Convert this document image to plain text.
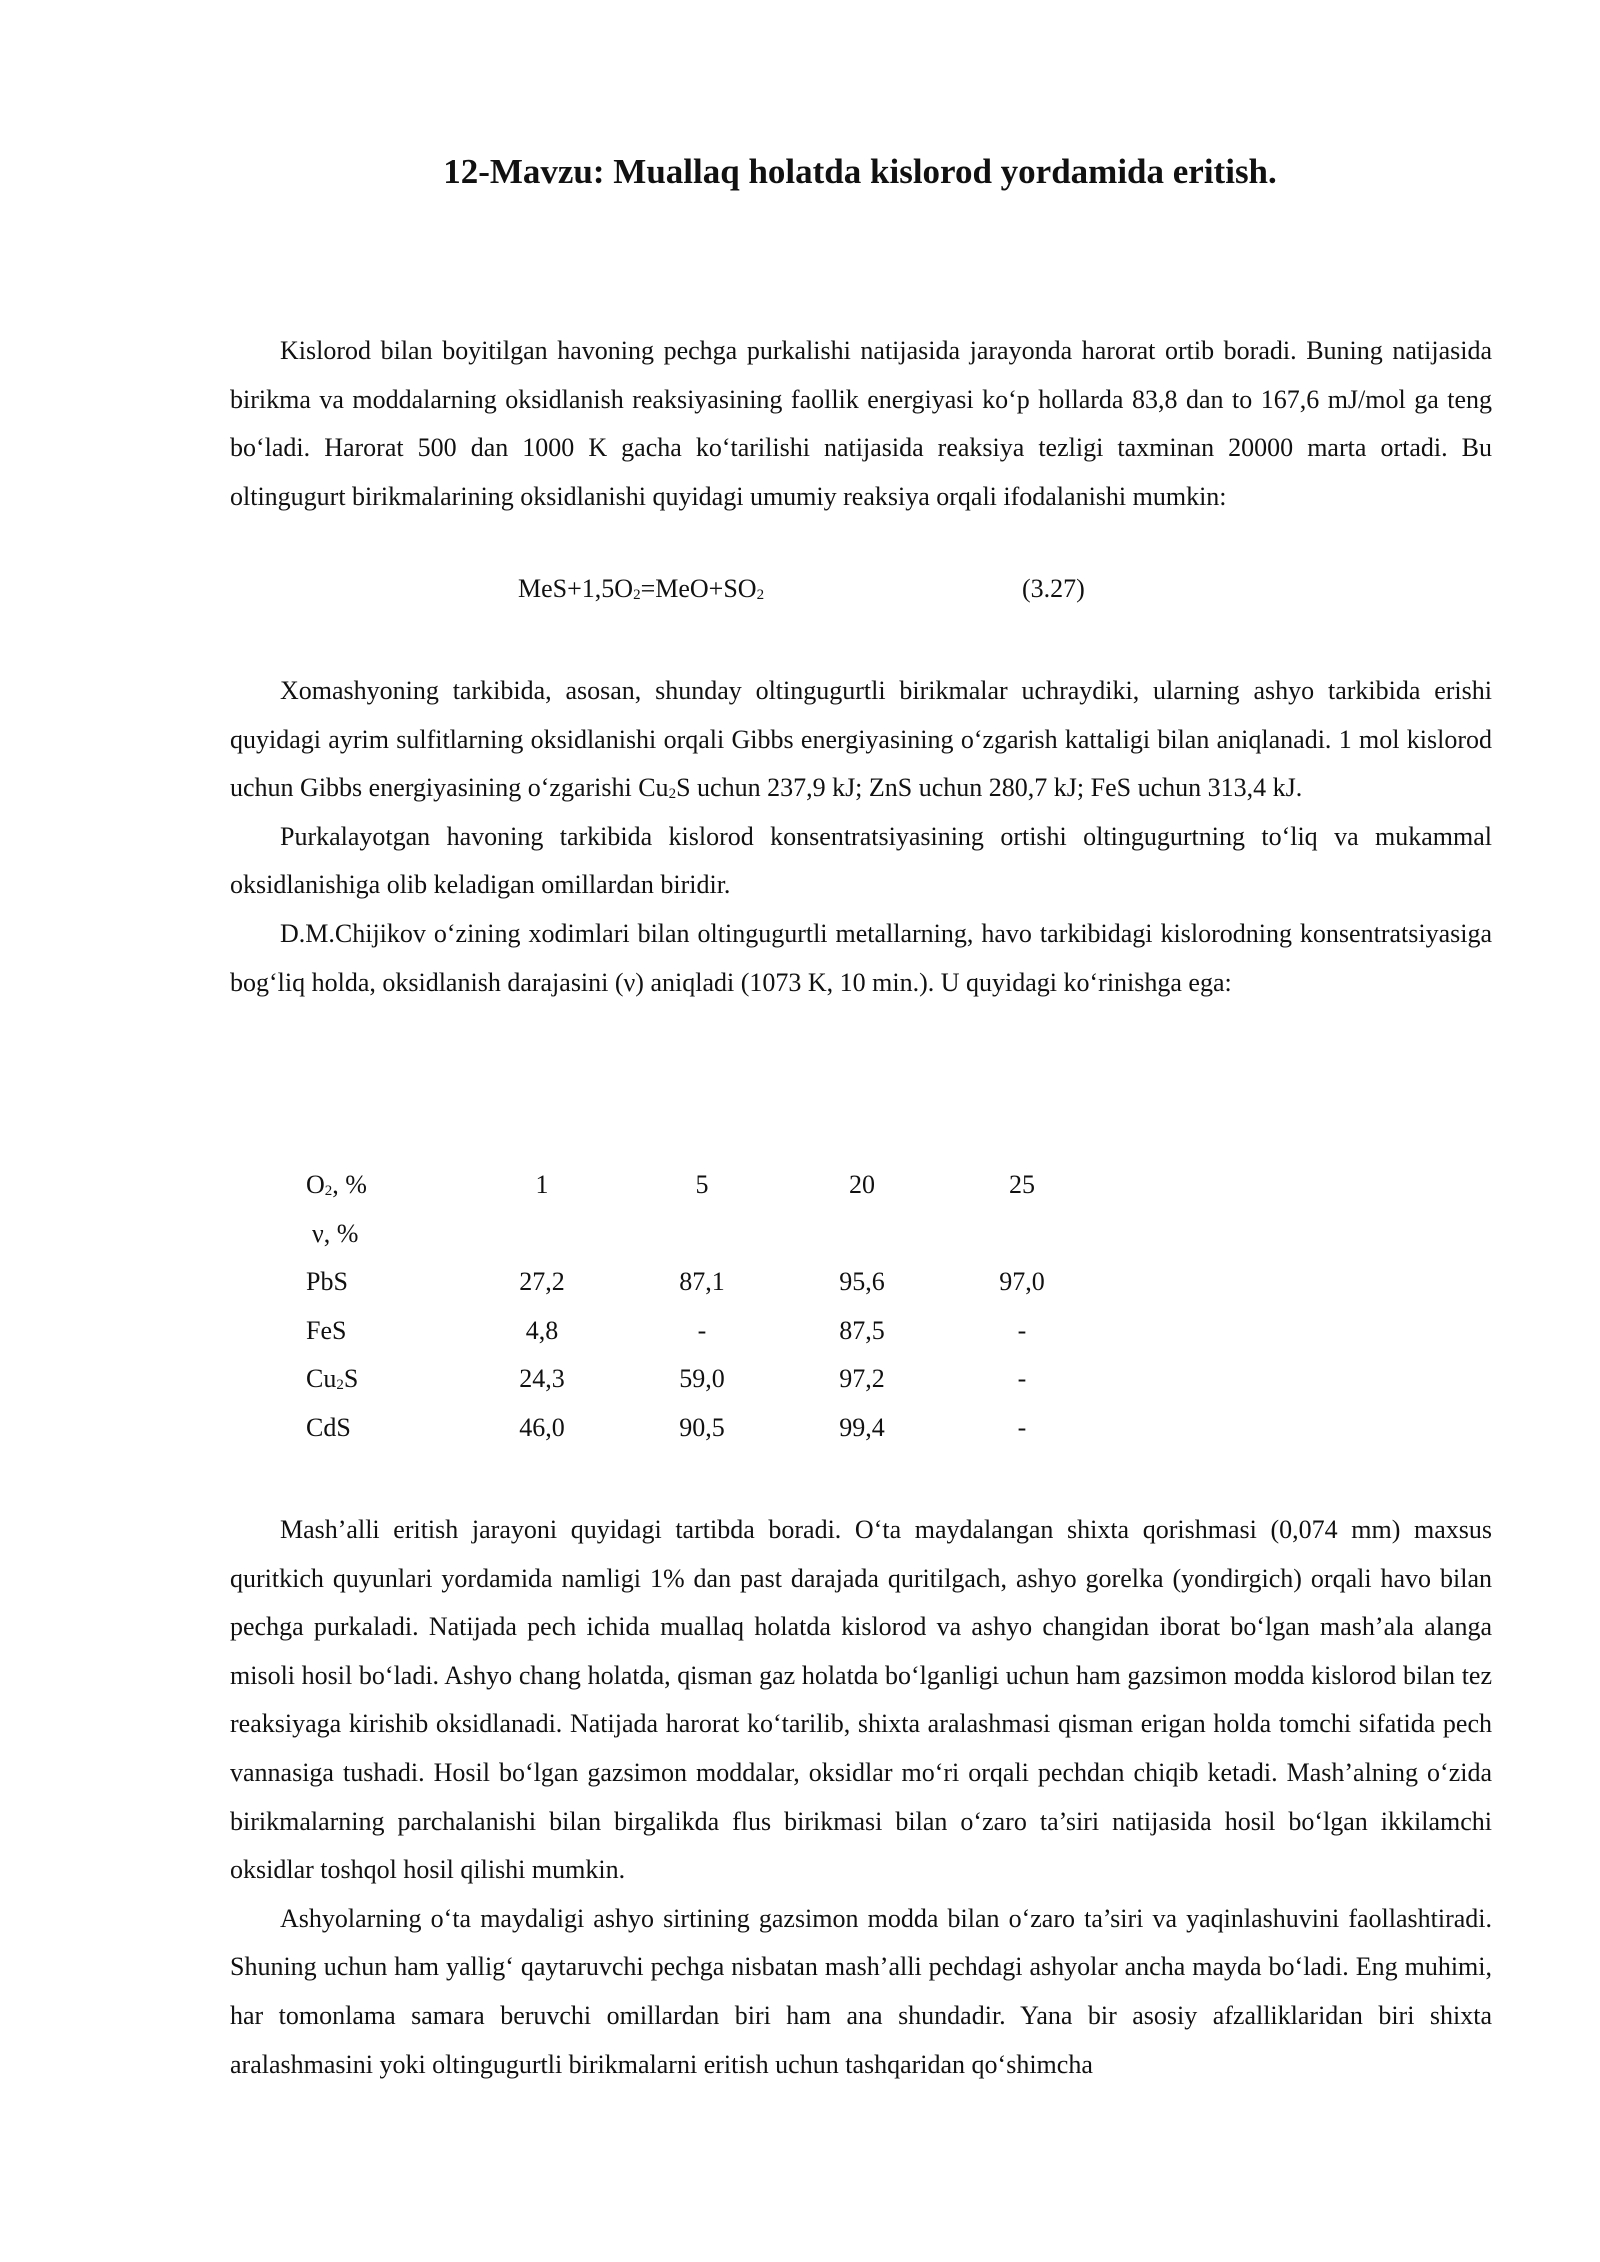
12-Mavzu: Muallaq holatda kislorod yordamida eritish.

Kislorod bilan boyitilgan havoning pechga purkalishi natijasida jarayonda harorat ortib boradi. Buning natijasida birikma va moddalarning oksidlanish reaksiyasining faollik energiyasi koʻp hollarda 83,8 dan to 167,6 mJ/mol ga teng boʻladi. Harorat 500 dan 1000 K gacha koʻtarilishi natijasida reaksiya tezligi taxminan 20000 marta ortadi. Bu oltingugurt birikmalarining oksidlanishi quyidagi umumiy reaksiya orqali ifodalanishi mumkin:

$MeS+1,5O_2=MeO+SO_2$	(3.27)

Xomashyoning tarkibida, asosan, shunday oltingugurtli birikmalar uchraydiki, ularning ashyo tarkibida erishi quyidagi ayrim sulfitlarning oksidlanishi orqali Gibbs energiyasining oʻzgarish kattaligi bilan aniqlanadi. 1 mol kislorod uchun Gibbs energiyasining oʻzgarishi $Cu_2S$ uchun 237,9 kJ; ZnS uchun 280,7 kJ; FeS uchun 313,4 kJ.

Purkalayotgan havoning tarkibida kislorod konsentratsiyasining ortishi oltingugurtning toʻliq va mukammal oksidlanishiga olib keladigan omillardan biridir.

D.M.Chijikov oʻzining xodimlari bilan oltingugurtli metallarning, havo tarkibidagi kislorodning konsentratsiyasiga bogʻliq holda, oksidlanish darajasini (ν) aniqladi (1073 K, 10 min.). U quyidagi koʻrinishga ega:

$O_2$, %	1	5	20	25
ν, %				
PbS	27,2	87,1	95,6	97,0
FeS	4,8	-	87,5	-
$Cu_2S$	24,3	59,0	97,2	-
CdS	46,0	90,5	99,4	-

Mash’alli eritish jarayoni quyidagi tartibda boradi. Oʻta maydalangan shixta qorishmasi (0,074 mm) maxsus quritkich quyunlari yordamida namligi 1% dan past darajada quritilgach, ashyo gorelka (yondirgich) orqali havo bilan pechga purkaladi. Natijada pech ichida muallaq holatda kislorod va ashyo changidan iborat boʻlgan mash’ala alanga misoli hosil boʻladi. Ashyo chang holatda, qisman gaz holatda boʻlganligi uchun ham gazsimon modda kislorod bilan tez reaksiyaga kirishib oksidlanadi. Natijada harorat koʻtarilib, shixta aralashmasi qisman erigan holda tomchi sifatida pech vannasiga tushadi. Hosil boʻlgan gazsimon moddalar, oksidlar moʻri orqali pechdan chiqib ketadi. Mash’alning oʻzida birikmalarning parchalanishi bilan birgalikda flus birikmasi bilan oʻzaro ta’siri natijasida hosil boʻlgan ikkilamchi oksidlar toshqol hosil qilishi mumkin.

Ashyolarning oʻta maydaligi ashyo sirtining gazsimon modda bilan oʻzaro ta’siri va yaqinlashuvini faollashtiradi. Shuning uchun ham yalligʻ qaytaruvchi pechga nisbatan mash’alli pechdagi ashyolar ancha mayda boʻladi. Eng muhimi, har tomonlama samara beruvchi omillardan biri ham ana shundadir. Yana bir asosiy afzalliklaridan biri shixta aralashmasini yoki oltingugurtli birikmalarni eritish uchun tashqaridan qoʻshimcha
